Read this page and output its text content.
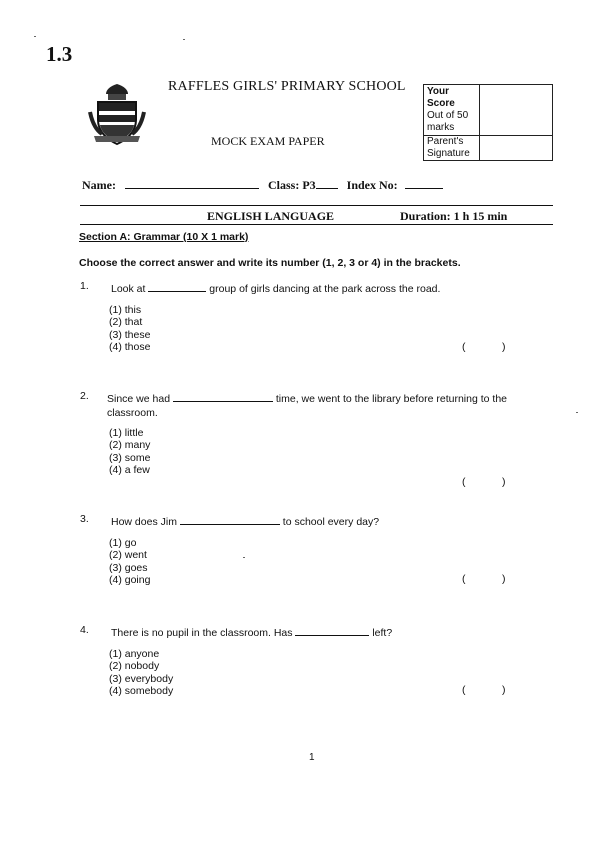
1.3
RAFFLES GIRLS' PRIMARY SCHOOL
MOCK EXAM PAPER
Your Score
Out of 50 marks
Parent's Signature
Name:	Class: P3	Index No:
ENGLISH LANGUAGE	Duration: 1 h 15 min
Section A: Grammar (10 X 1 mark)
Choose the correct answer and write its number (1, 2, 3 or 4) in the brackets.
1. Look at	group of girls dancing at the park across the road.
(1) this
(2) that
(3) these
(4) those	(	)
2. Since we had	time, we went to the library before returning to the classroom.
(1) little
(2) many
(3) some
(4) a few
(	)
3. How does Jim	to school every day?
(1) go
(2) went
(3) goes
(4) going	(	)
4. There is no pupil in the classroom. Has	left?
(1) anyone
(2) nobody
(3) everybody
(4) somebody	(	)
1
